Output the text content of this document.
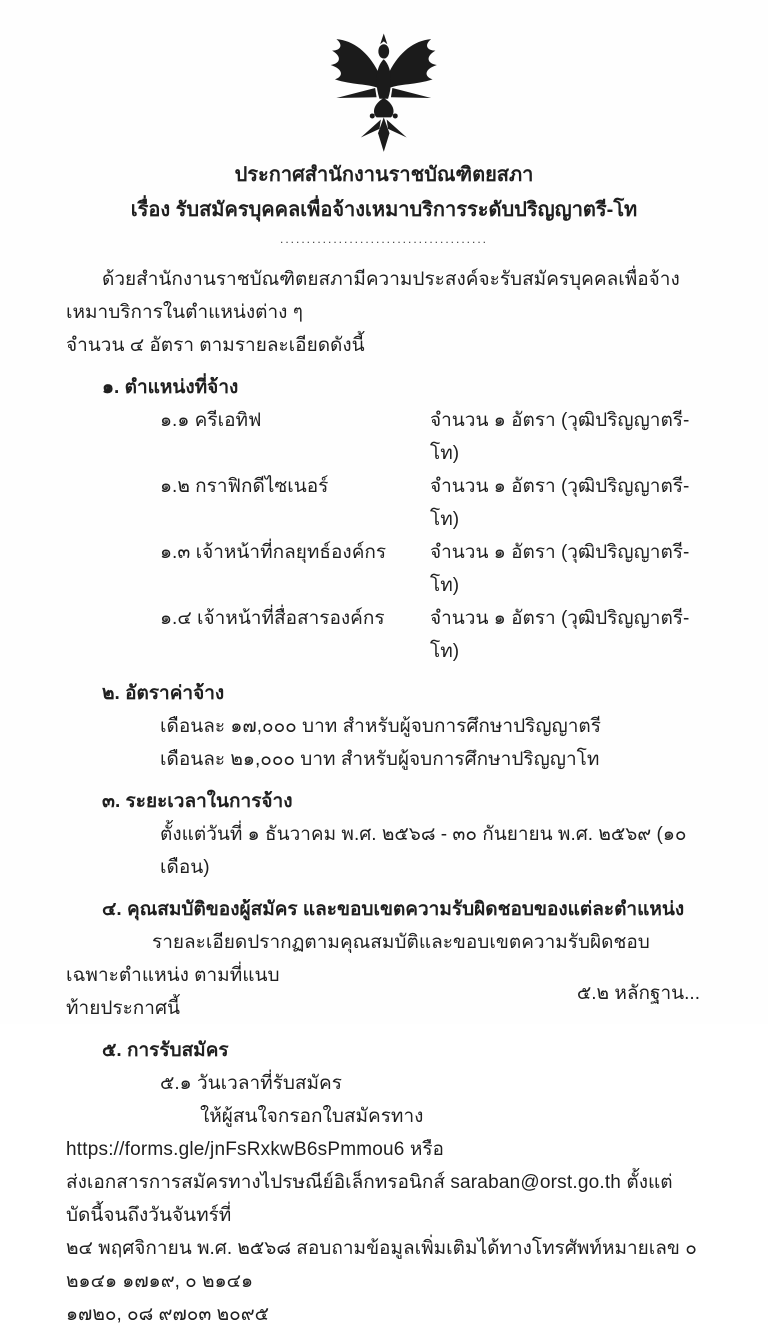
ประกาศสำนักงานราชบัณฑิตยสภา
เรื่อง รับสมัครบุคคลเพื่อจ้างเหมาบริการระดับปริญญาตรี-โท
.......................................
ด้วยสำนักงานราชบัณฑิตยสภามีความประสงค์จะรับสมัครบุคคลเพื่อจ้างเหมาบริการในตำแหน่งต่าง ๆ
จำนวน ๔ อัตรา ตามรายละเอียดดังนี้
๑. ตำแหน่งที่จ้าง
๑.๑ ครีเอทิฟ	จำนวน ๑ อัตรา (วุฒิปริญญาตรี-โท)
๑.๒ กราฟิกดีไซเนอร์	จำนวน ๑ อัตรา (วุฒิปริญญาตรี-โท)
๑.๓ เจ้าหน้าที่กลยุทธ์องค์กร	จำนวน ๑ อัตรา (วุฒิปริญญาตรี-โท)
๑.๔ เจ้าหน้าที่สื่อสารองค์กร	จำนวน ๑ อัตรา (วุฒิปริญญาตรี-โท)
๒. อัตราค่าจ้าง
เดือนละ ๑๗,๐๐๐ บาท สำหรับผู้จบการศึกษาปริญญาตรี
เดือนละ ๒๑,๐๐๐ บาท สำหรับผู้จบการศึกษาปริญญาโท
๓. ระยะเวลาในการจ้าง
ตั้งแต่วันที่ ๑ ธันวาคม พ.ศ. ๒๕๖๘ - ๓๐ กันยายน พ.ศ. ๒๕๖๙ (๑๐ เดือน)
๔. คุณสมบัติของผู้สมัคร และขอบเขตความรับผิดชอบของแต่ละตำแหน่ง
รายละเอียดปรากฏตามคุณสมบัติและขอบเขตความรับผิดชอบเฉพาะตำแหน่ง ตามที่แนบ
ท้ายประกาศนี้
๕. การรับสมัคร
๕.๑ วันเวลาที่รับสมัคร
ให้ผู้สนใจกรอกใบสมัครทาง https://forms.gle/jnFsRxkwB6sPmmou6 หรือ
ส่งเอกสารการสมัครทางไปรษณีย์อิเล็กทรอนิกส์ saraban@orst.go.th ตั้งแต่บัดนี้จนถึงวันจันทร์ที่
๒๔ พฤศจิกายน พ.ศ. ๒๕๖๘ สอบถามข้อมูลเพิ่มเติมได้ทางโทรศัพท์หมายเลข ๐ ๒๑๔๑ ๑๗๑๙, ๐ ๒๑๔๑
๑๗๒๐, ๐๘ ๙๗๐๓ ๒๐๙๕
๕.๒ หลักฐาน...
